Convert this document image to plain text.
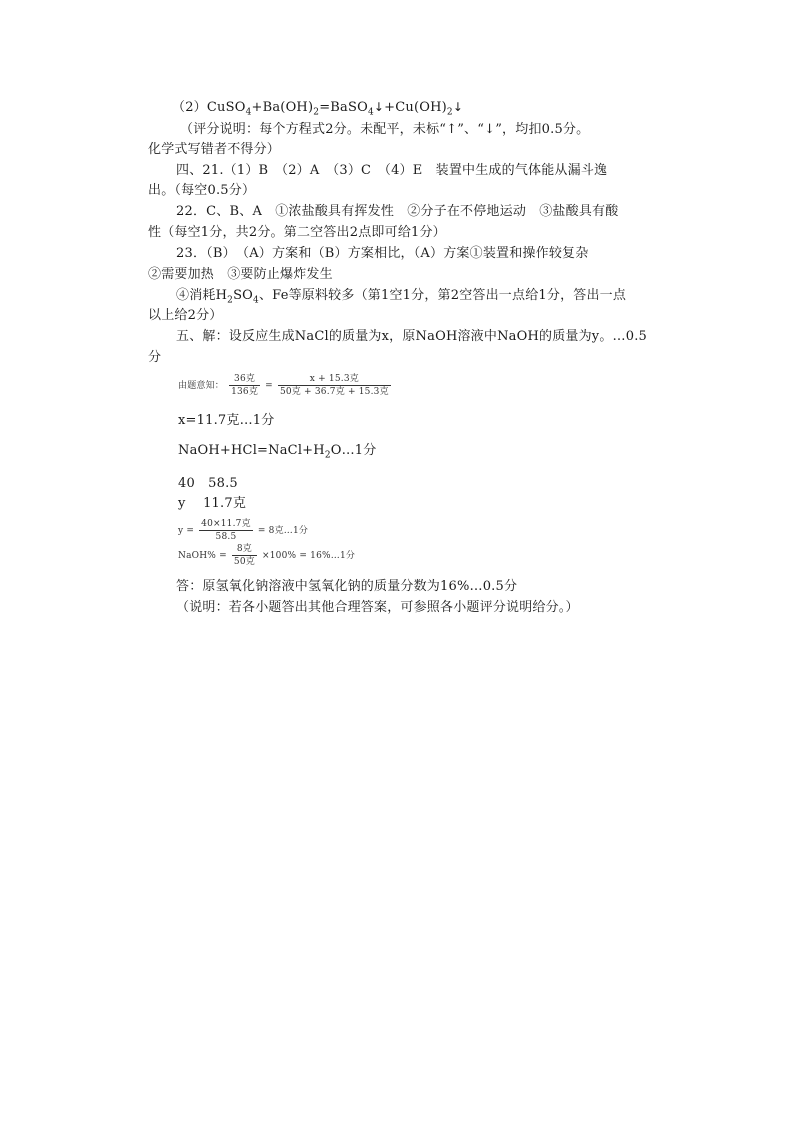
$(2)CuSO_4+Ba(OH)_2=BaSO_4↓+Cu(OH)_2↓$
（评分说明：每个方程式2分。未配平，未标“↑”、“↓”，均扣0.5分。
化学式写错者不得分）
四、21.（1）B　（2）A　（3）C　（4）E　装置中生成的气体能从漏斗逸
出。（每空0.5分）
22．C、B、A　①浓盐酸具有挥发性　②分子在不停地运动　③盐酸具有酸
性（每空1分，共2分。第二空答出2点即可给1分）
23．（B）　（A）方案和（B）方案相比，（A）方案①装置和操作较复杂
②需要加热　③要防止爆炸发生
④消耗$H_2SO_4$、Fe等原料较多（第1空1分，第2空答出一点给1分，答出一点
以上给2分）
五、解：设反应生成NaCl的质量为x，原NaOH溶液中NaOH的质量为y。…0.5
分
由题意知： $\frac{\text{36克}}{\text{136克}} = \frac{\text{x + 15.3克}}{\text{50克 + 36.7克 + 15.3克}}$
x=11.7克…1分
$NaOH+HCl=NaCl+H_2O\dots 1$分
40　58.5
y　 11.7克
$y = \frac{\text{40×11.7克}}{58.5} = 8$克…1分
NaOH% = $\frac{\text{8克}}{\text{50克}} \times 100\%$ = 16%…1分
答：原氢氧化钠溶液中氢氧化钠的质量分数为16%…0.5分
（说明：若各小题答出其他合理答案，可参照各小题评分说明给分。）
